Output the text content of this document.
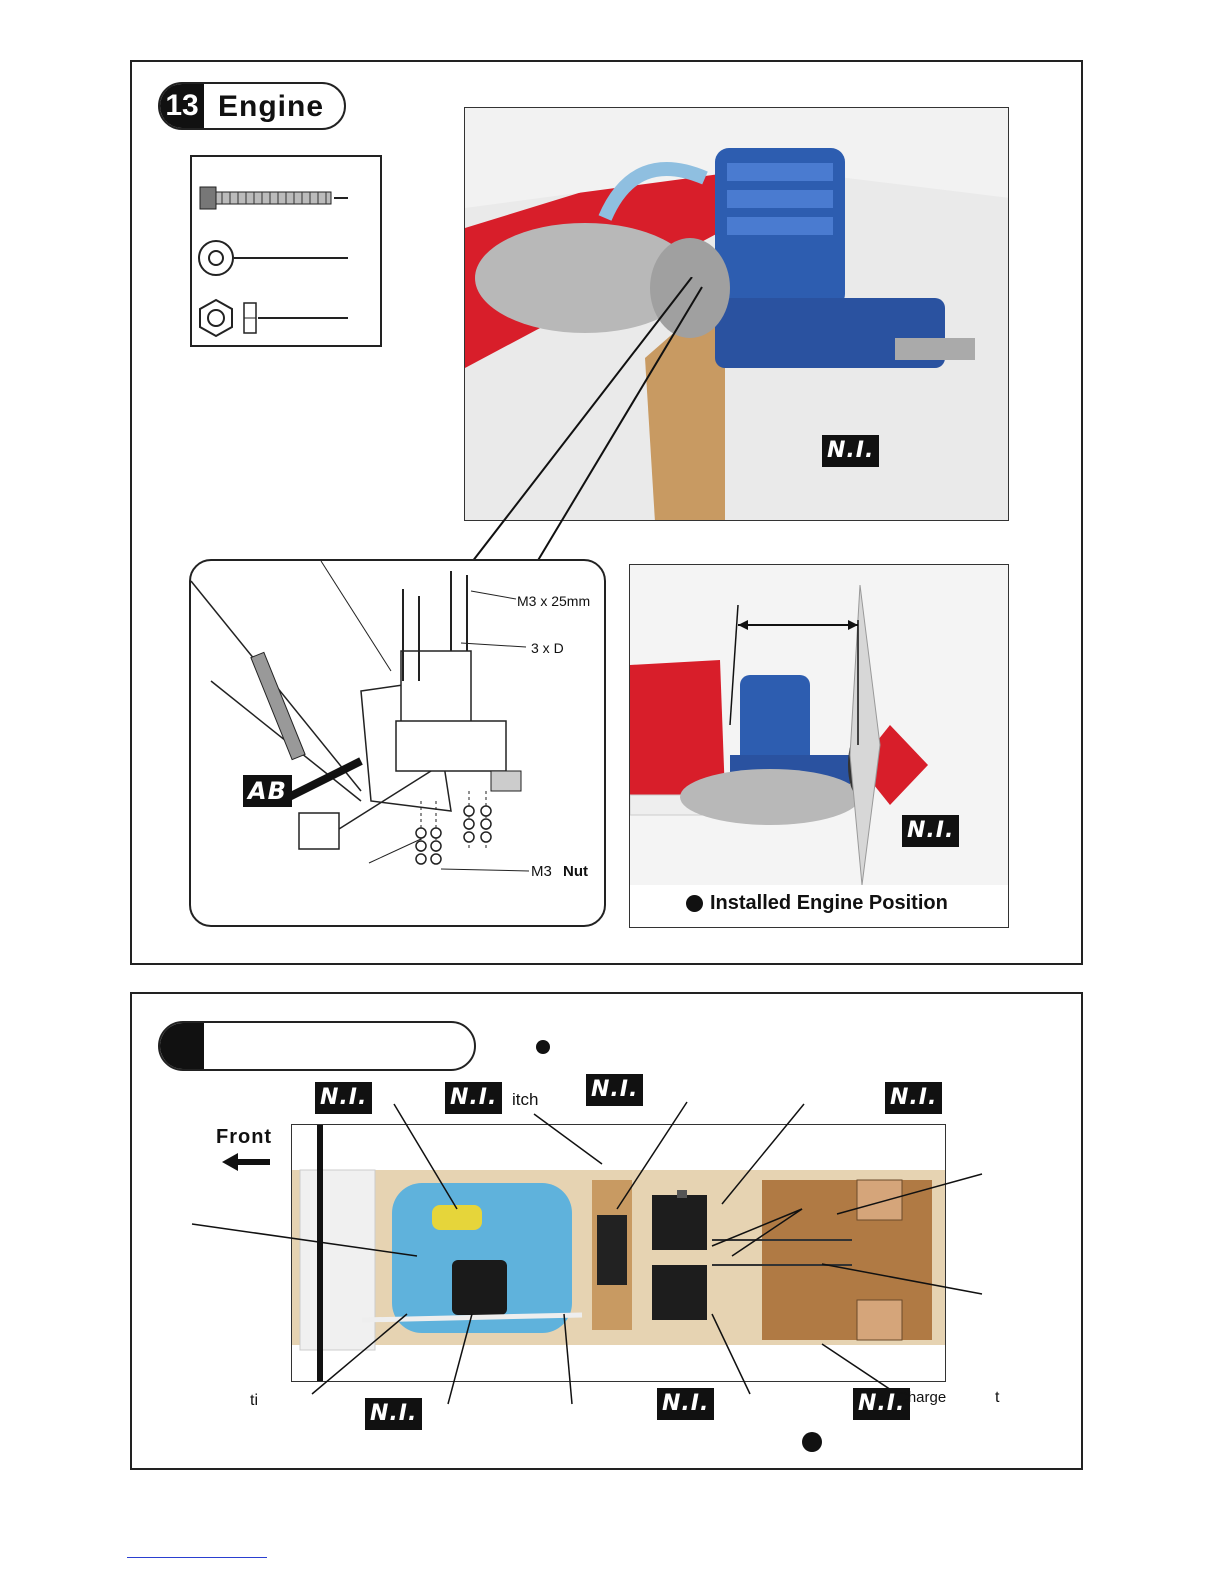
13 Engine
N.I.
M3 x 25mm
3 x D
M3 Nut
AB
N.I.
Installed Engine Position
N.I.	N.I. itch N.I.	N.I.
Front
ti
N.I.	N.I.	N.I.
Charge	t
